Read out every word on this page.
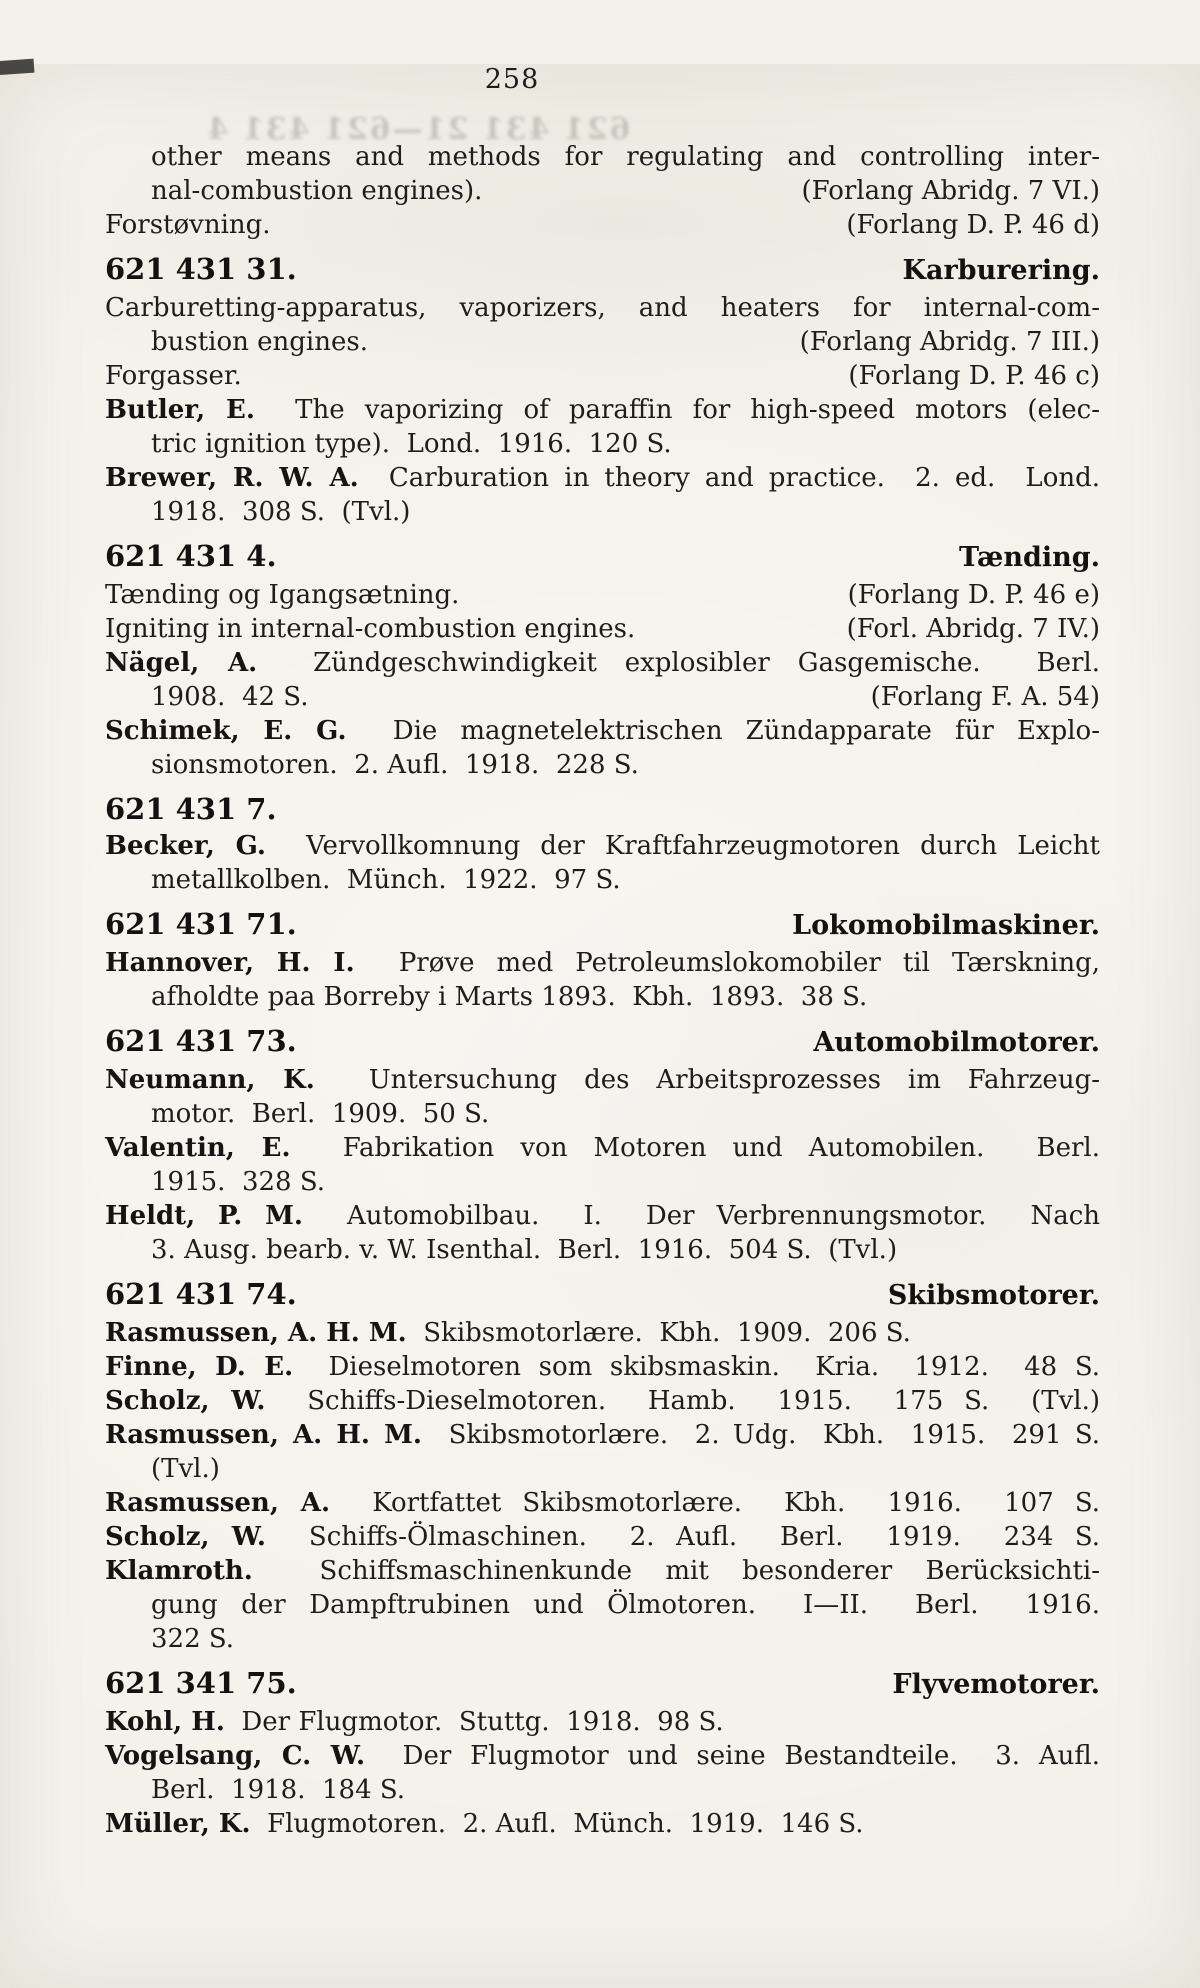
621 431 21—621 431 4
other means and methods for regulating and controlling inter-
nal-combustion engines).	(Forlang Abridg. 7 VI.)
Forstøvning.	(Forlang D. P. 46 d)
621 431 31.	Karburering.
Carburetting-apparatus, vaporizers, and heaters for internal-com-
bustion engines.	(Forlang Abridg. 7 III.)
Forgasser.	(Forlang D. P. 46 c)
Butler, E. The vaporizing of paraffin for high-speed motors (elec-
tric ignition type).  Lond.  1916.  120 S.
Brewer, R. W. A. Carburation in theory and practice.  2. ed.  Lond.
1918.  308 S.  (Tvl.)
621 431 4.	Tænding.
Tænding og Igangsætning.	(Forlang D. P. 46 e)
Igniting in internal-combustion engines.	(Forl. Abridg. 7 IV.)
Nägel, A. Zündgeschwindigkeit explosibler Gasgemische.  Berl.
1908.  42 S.	(Forlang F. A. 54)
Schimek, E. G. Die magnetelektrischen Zündapparate für Explo-
sionsmotoren.  2. Aufl.  1918.  228 S.
621 431 7.
Becker, G. Vervollkomnung der Kraftfahrzeugmotoren durch Leicht
metallkolben.  Münch.  1922.  97 S.
621 431 71.	Lokomobilmaskiner.
Hannover, H. I. Prøve med Petroleumslokomobiler til Tærskning,
afholdte paa Borreby i Marts 1893.  Kbh.  1893.  38 S.
621 431 73.	Automobilmotorer.
Neumann, K. Untersuchung des Arbeitsprozesses im Fahrzeug-
motor.  Berl.  1909.  50 S.
Valentin, E. Fabrikation von Motoren und Automobilen.  Berl.
1915.  328 S.
Heldt, P. M. Automobilbau.  I.  Der Verbrennungsmotor.  Nach
3. Ausg. bearb. v. W. Isenthal.  Berl.  1916.  504 S.  (Tvl.)
621 431 74.	Skibsmotorer.
Rasmussen, A. H. M. Skibsmotorlære.  Kbh.  1909.  206 S.
Finne, D. E. Dieselmotoren som skibsmaskin.  Kria.  1912.  48 S.
Scholz, W. Schiffs-Dieselmotoren.  Hamb.  1915.  175 S.  (Tvl.)
Rasmussen, A. H. M. Skibsmotorlære.  2. Udg.  Kbh.  1915.  291 S.
(Tvl.)
Rasmussen, A. Kortfattet Skibsmotorlære.  Kbh.  1916.  107 S.
Scholz, W. Schiffs-Ölmaschinen.  2. Aufl.  Berl.  1919.  234 S.
Klamroth.	Schiffsmaschinenkunde mit besonderer Berücksichti-
gung der Dampftrubinen und Ölmotoren.  I—II.  Berl.  1916.
322 S.
621 341 75.	Flyvemotorer.
Kohl, H. Der Flugmotor.  Stuttg.  1918.  98 S.
Vogelsang, C. W. Der Flugmotor und seine Bestandteile.  3. Aufl.
Berl.  1918.  184 S.
Müller, K. Flugmotoren.  2. Aufl.  Münch.  1919.  146 S.
258
